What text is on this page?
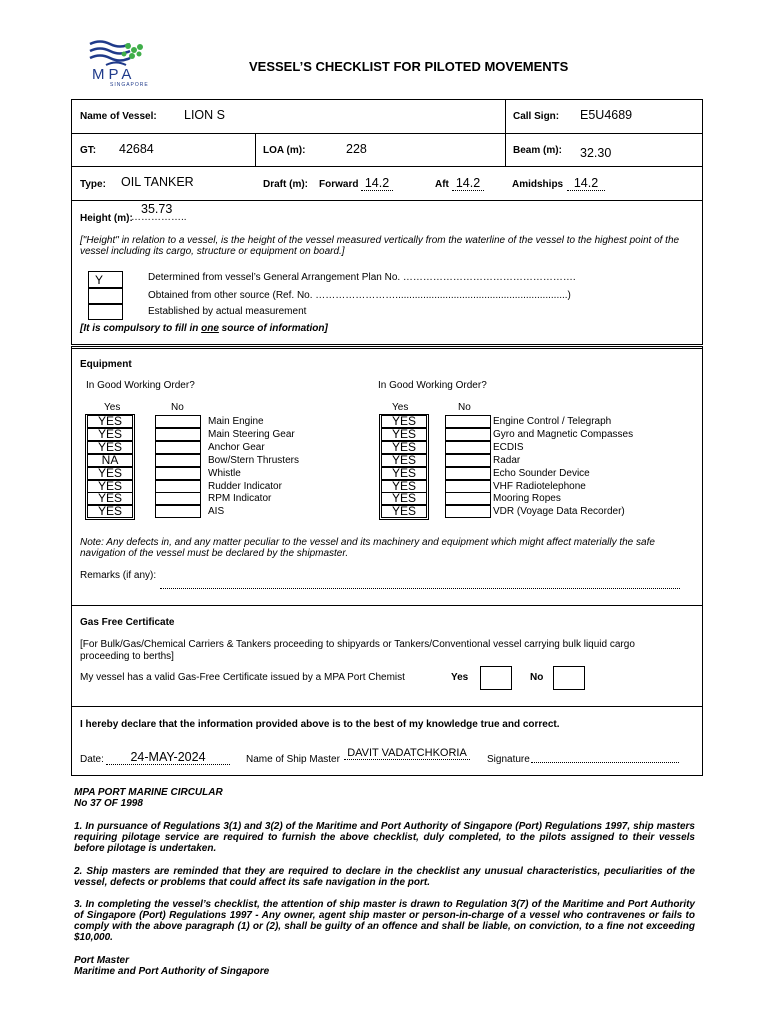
MPA
SINGAPORE
VESSEL’S CHECKLIST FOR PILOTED MOVEMENTS
Name of Vessel: LION S	Call Sign: E5U4689
GT: 42684	LOA (m):	228	Beam (m): 32.30
Type: OIL TANKER	Draft (m): Forward 14.2	Aft 14.2	Amidships 14.2
35.73
Height (m):
……………..
["Height" in relation to a vessel, is the height of the vessel measured vertically from the waterline of the vessel to the highest point of the vessel including its cargo, structure or equipment on board.]
Y	Determined from vessel’s General Arrangement Plan No. …………………………………………….
Obtained from other source (Ref. No. ……………………..............................................................)
Established by actual measurement
[It is compulsory to fill in one source of information]
Equipment
In Good Working Order?	In Good Working Order?
Yes	No	Yes	No
YES	Main Engine
YES	Main Steering Gear
YES	Anchor Gear
NA	Bow/Stern Thrusters
YES	Whistle
YES	Rudder Indicator
YES	RPM Indicator
YES	AIS
YES	Engine Control / Telegraph
YES	Gyro and Magnetic Compasses
YES	ECDIS
YES	Radar
YES	Echo Sounder Device
YES	VHF Radiotelephone
YES	Mooring Ropes
YES	VDR (Voyage Data Recorder)
Note: Any defects in, and any matter peculiar to the vessel and its machinery and equipment which might affect materially the safe navigation of the vessel must be declared by the shipmaster.
Remarks (if any):
Gas Free Certificate
[For Bulk/Gas/Chemical Carriers & Tankers proceeding to shipyards or Tankers/Conventional vessel carrying bulk liquid cargo proceeding to berths]
My vessel has a valid Gas-Free Certificate issued by a MPA Port Chemist	Yes	No
I hereby declare that the information provided above is to the best of my knowledge true and correct.
Date:	24-MAY-2024	Name of Ship Master
DAVIT VADATCHKORIA
Signature
MPA PORT MARINE CIRCULAR
No 37 OF 1998
1. In pursuance of Regulations 3(1) and 3(2) of the Maritime and Port Authority of Singapore (Port) Regulations 1997, ship masters requiring pilotage service are required to furnish the above checklist, duly completed, to the pilots assigned to their vessels before pilotage is undertaken.
2. Ship masters are reminded that they are required to declare in the checklist any unusual characteristics, peculiarities of the vessel, defects or problems that could affect its safe navigation in the port.
3. In completing the vessel’s checklist, the attention of ship master is drawn to Regulation 3(7) of the Maritime and Port Authority of Singapore (Port) Regulations 1997 - Any owner, agent ship master or person-in-charge of a vessel who contravenes or fails to comply with the above paragraph (1) or (2), shall be guilty of an offence and shall be liable, on conviction, to a fine not exceeding $10,000.
Port Master
Maritime and Port Authority of Singapore
